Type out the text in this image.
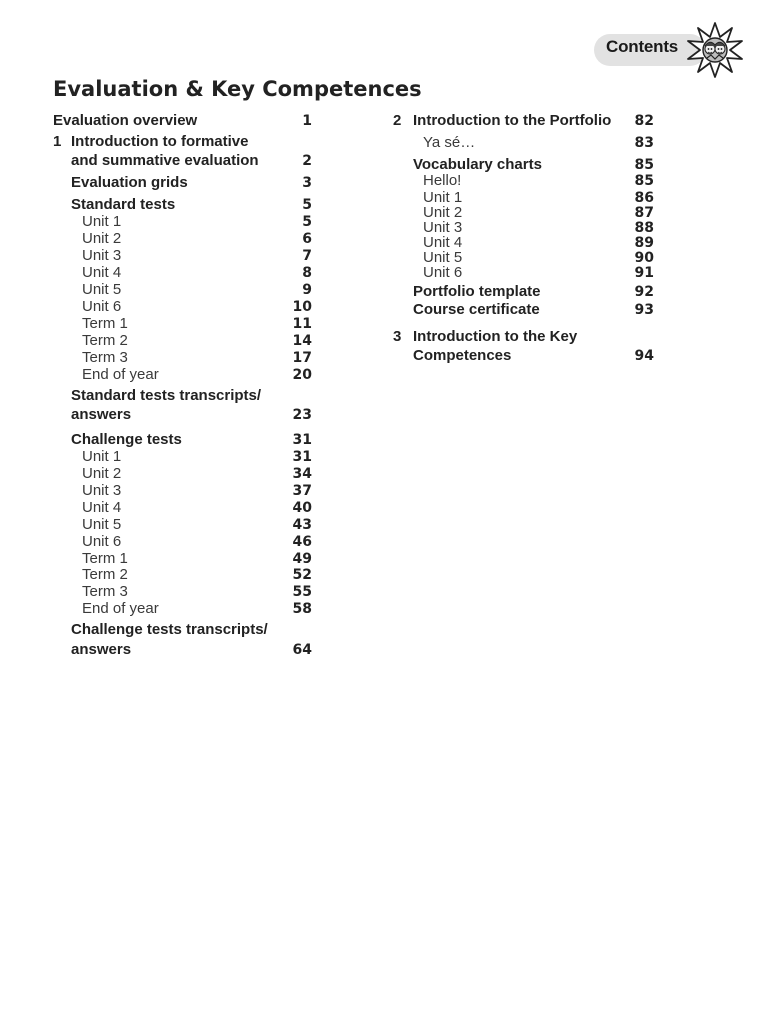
Contents
Evaluation & Key Competences
Evaluation overview	1
1 Introduction to formative
and summative evaluation	2
Evaluation grids	3
Standard tests	5
Unit 1	5
Unit 2	6
Unit 3	7
Unit 4	8
Unit 5	9
Unit 6	10
Term 1	11
Term 2	14
Term 3	17
End of year	20
Standard tests transcripts/
answers	23
Challenge tests	31
Unit 1	31
Unit 2	34
Unit 3	37
Unit 4	40
Unit 5	43
Unit 6	46
Term 1	49
Term 2	52
Term 3	55
End of year	58
Challenge tests transcripts/
answers	64
2 Introduction to the Portfolio 82
Ya sé…	83
Vocabulary charts	85
Hello!	85
Unit 1	86
Unit 2	87
Unit 3	88
Unit 4	89
Unit 5	90
Unit 6	91
Portfolio template	92
Course certificate	93
3 Introduction to the Key
Competences	94
